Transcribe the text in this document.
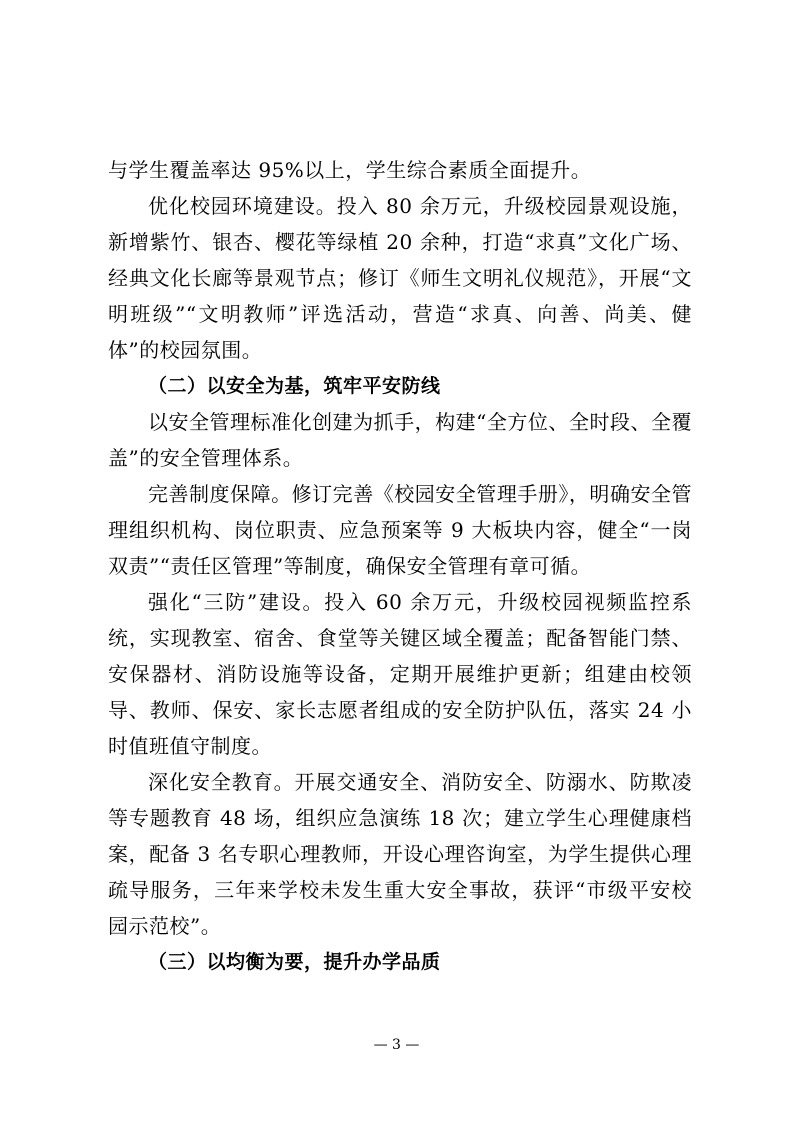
与学生覆盖率达 95%以上，学生综合素质全面提升。

优化校园环境建设。投入 80 余万元，升级校园景观设施，新增紫竹、银杏、樱花等绿植 20 余种，打造“求真”文化广场、经典文化长廊等景观节点；修订《师生文明礼仪规范》，开展“文明班级”“文明教师”评选活动，营造“求真、向善、尚美、健体”的校园氛围。

（二）以安全为基，筑牢平安防线

以安全管理标准化创建为抓手，构建“全方位、全时段、全覆盖”的安全管理体系。

完善制度保障。修订完善《校园安全管理手册》，明确安全管理组织机构、岗位职责、应急预案等 9 大板块内容，健全“一岗双责”“责任区管理”等制度，确保安全管理有章可循。

强化“三防”建设。投入 60 余万元，升级校园视频监控系统，实现教室、宿舍、食堂等关键区域全覆盖；配备智能门禁、安保器材、消防设施等设备，定期开展维护更新；组建由校领导、教师、保安、家长志愿者组成的安全防护队伍，落实 24 小时值班值守制度。

深化安全教育。开展交通安全、消防安全、防溺水、防欺凌等专题教育 48 场，组织应急演练 18 次；建立学生心理健康档案，配备 3 名专职心理教师，开设心理咨询室，为学生提供心理疏导服务，三年来学校未发生重大安全事故，获评“市级平安校园示范校”。

（三）以均衡为要，提升办学品质

— 3 —
